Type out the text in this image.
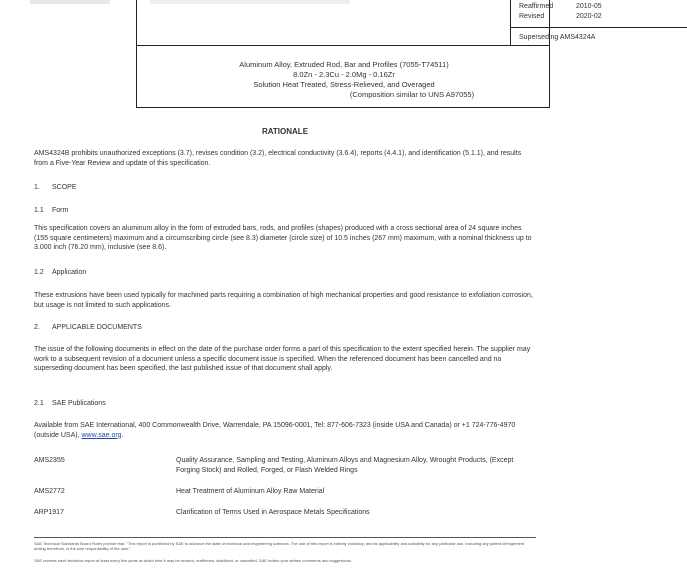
Reaffirmed	2010-05
Revised	2020-02
Superseding AMS4324A
Aluminum Alloy, Extruded Rod, Bar and Profiles (7055-T74511)
8.0Zn - 2.3Cu - 2.0Mg - 0.16Zr
Solution Heat Treated, Stress-Relieved, and Overaged
(Composition similar to UNS A97055)
RATIONALE
AMS4324B prohibits unauthorized exceptions (3.7), revises condition (3.2), electrical conductivity (3.6.4), reports (4.4.1), and identification (5.1.1), and results from a Five-Year Review and update of this specification.
1. SCOPE
1.1 Form
This specification covers an aluminum alloy in the form of extruded bars, rods, and profiles (shapes) produced with a cross sectional area of 24 square inches (155 square centimeters) maximum and a circumscribing circle (see 8.3) diameter (circle size) of 10.5 inches (267 mm) maximum, with a nominal thickness up to 3.000 inch (76.20 mm), inclusive (see 8.6).
1.2 Application
These extrusions have been used typically for machined parts requiring a combination of high mechanical properties and good resistance to exfoliation corrosion, but usage is not limited to such applications.
2. APPLICABLE DOCUMENTS
The issue of the following documents in effect on the date of the purchase order forms a part of this specification to the extent specified herein. The supplier may work to a subsequent revision of a document unless a specific document issue is specified. When the referenced document has been cancelled and no superseding document has been specified, the last published issue of that document shall apply.
2.1 SAE Publications
Available from SAE International, 400 Commonwealth Drive, Warrendale, PA 15096-0001, Tel: 877-606-7323 (inside USA and Canada) or +1 724-776-4970 (outside USA), www.sae.org.
AMS2355	Quality Assurance, Sampling and Testing, Aluminum Alloys and Magnesium Alloy, Wrought Products, (Except Forging Stock) and Rolled, Forged, or Flash Welded Rings
AMS2772	Heat Treatment of Aluminum Alloy Raw Material
ARP1917	Clarification of Terms Used in Aerospace Metals Specifications
SAE Technical Standards Board Rules provide that: "This report is published by SAE to advance the state of technical and engineering sciences. The use of this report is entirely voluntary, and its applicability and suitability for any particular use, including any patent infringement arising therefrom, is the sole responsibility of the user."
SAE reviews each technical report at least every five years at which time it may be revised, reaffirmed, stabilized, or cancelled. SAE invites your written comments and suggestions.
